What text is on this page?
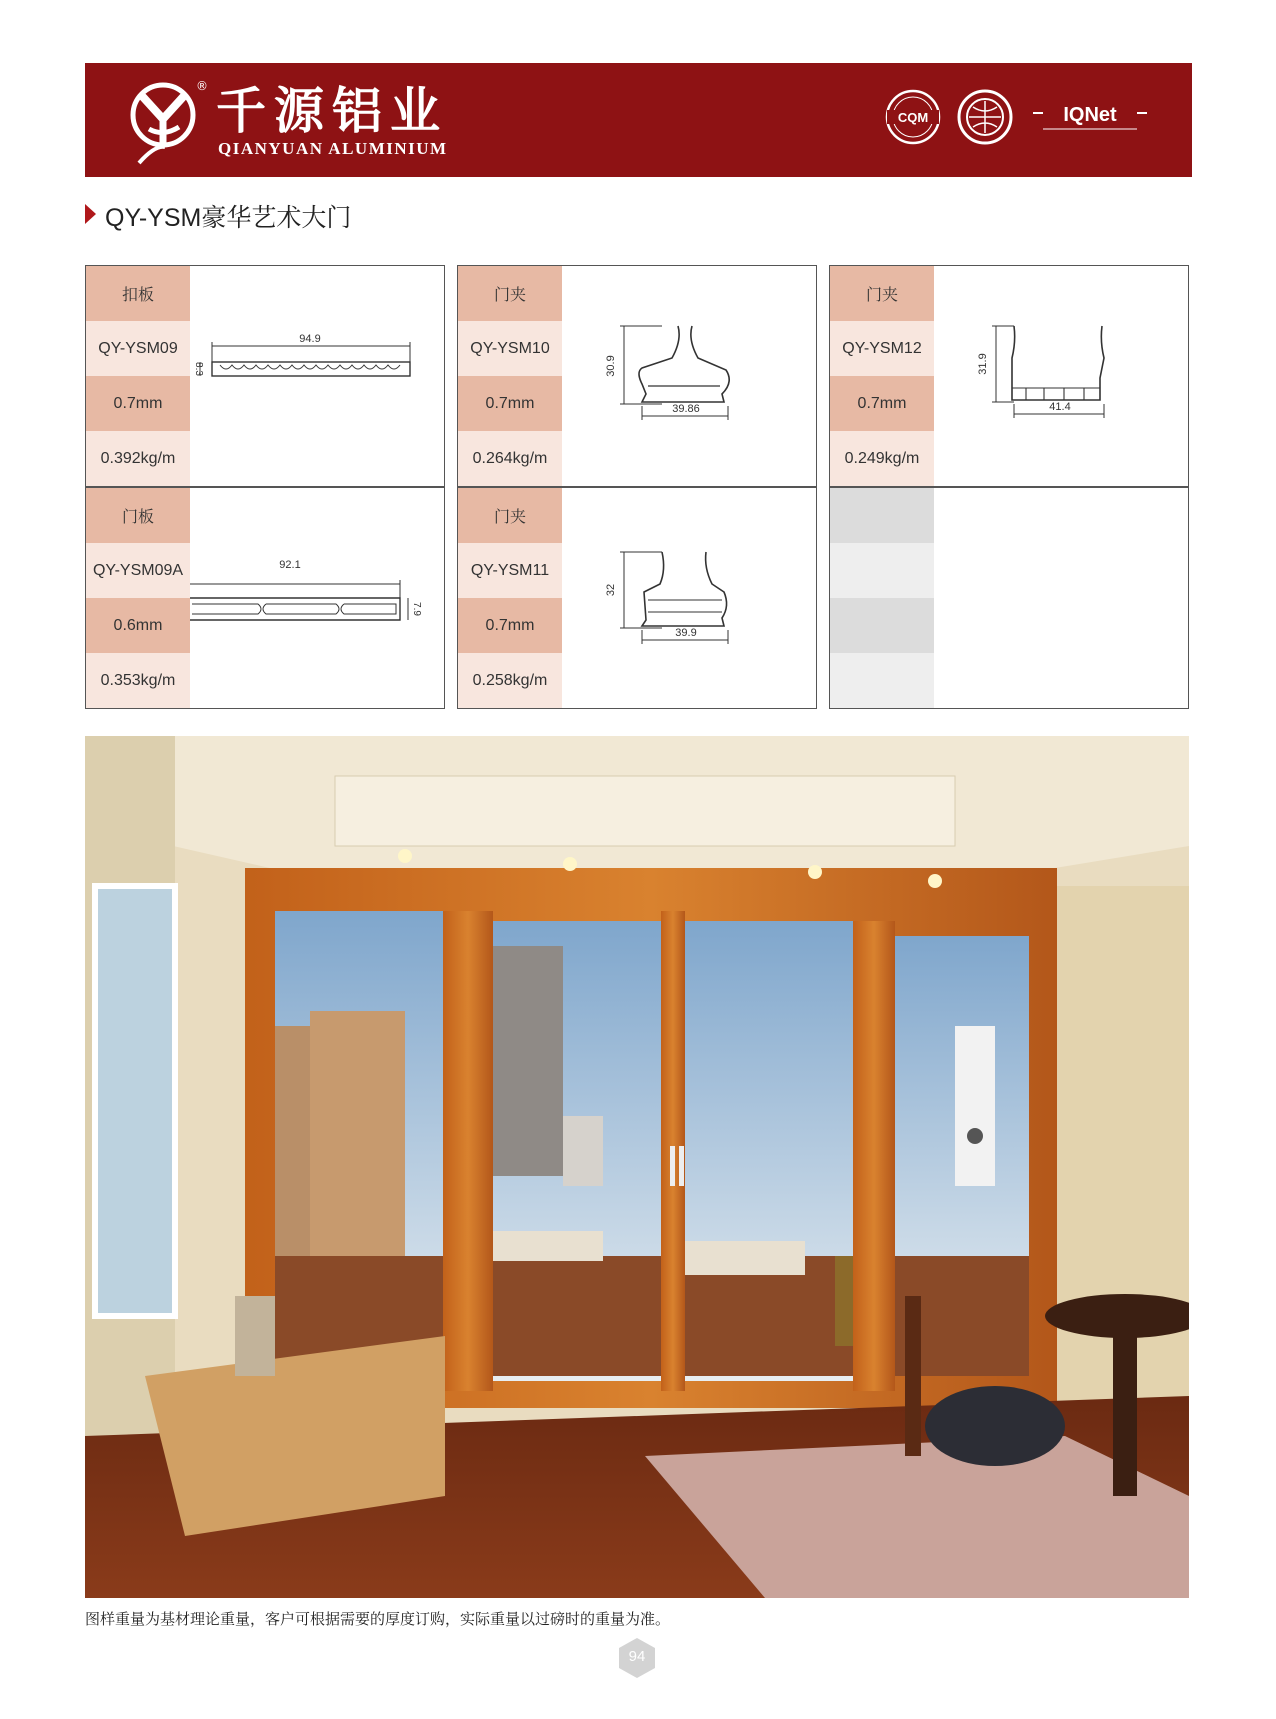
® 千源铝业
QIANYUAN ALUMINIUM
CQM	IQNet
QY-YSM豪华艺术大门
扣板
QY-YSM09
0.7mm
0.392kg/m
94.9
8.3
门夹
QY-YSM10
0.7mm
0.264kg/m
30.9
39.86
门夹
QY-YSM12
0.7mm
0.249kg/m
31.9
41.4
门板
QY-YSM09A
0.6mm
0.353kg/m
92.1
7.9
门夹
QY-YSM11
0.7mm
0.258kg/m
32
39.9
图样重量为基材理论重量，客户可根据需要的厚度订购，实际重量以过磅时的重量为准。
94
